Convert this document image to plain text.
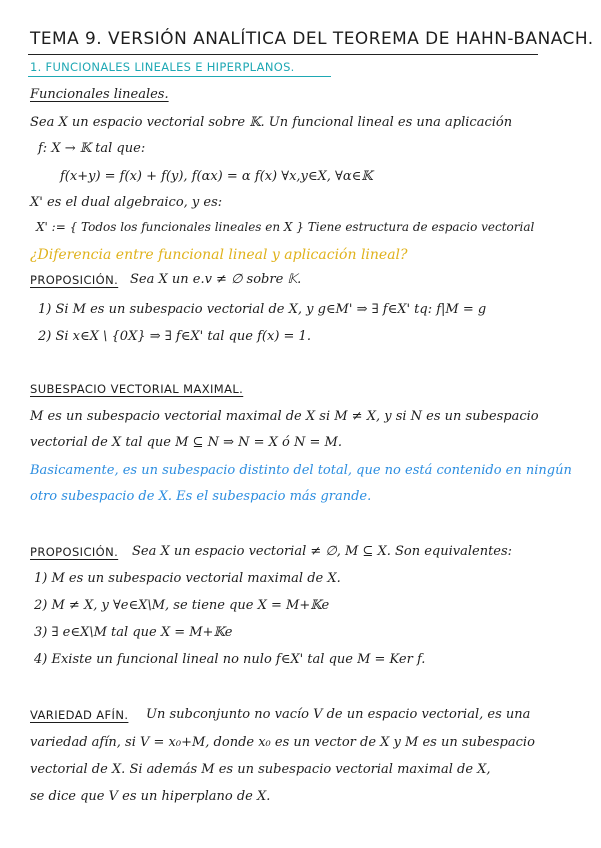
TEMA 9. VERSIÓN ANALÍTICA DEL TEOREMA DE HAHN-BANACH.
1. FUNCIONALES LINEALES E HIPERPLANOS.
Funcionales lineales.
Sea X un espacio vectorial sobre 𝕂. Un funcional lineal es una aplicación
f: X → 𝕂 tal que:
f(x+y) = f(x) + f(y), f(αx) = α f(x) ∀x,y∈X, ∀α∈𝕂
X' es el dual algebraico, y es:
X' := { Todos los funcionales lineales en X } Tiene estructura de espacio vectorial
¿Diferencia entre funcional lineal y aplicación lineal?
PROPOSICIÓN. Sea X un e.v ≠ ∅ sobre 𝕂.
1) Si M es un subespacio vectorial de X, y g∈M' ⇒ ∃ f∈X' tq: f|M = g
2) Si x∈X \ {0X} ⇒ ∃ f∈X' tal que f(x) = 1.
SUBESPACIO VECTORIAL MAXIMAL.
M es un subespacio vectorial maximal de X si M ≠ X, y si N es un subespacio
vectorial de X tal que M ⊆ N ⇒ N = X ó N = M.
Basicamente, es un subespacio distinto del total, que no está contenido en ningún
otro subespacio de X. Es el subespacio más grande.
PROPOSICIÓN. Sea X un espacio vectorial ≠ ∅, M ⊆ X. Son equivalentes:
1) M es un subespacio vectorial maximal de X.
2) M ≠ X, y ∀e∈X\M, se tiene que X = M+𝕂e
3) ∃ e∈X\M tal que X = M+𝕂e
4) Existe un funcional lineal no nulo f∈X' tal que M = Ker f.
VARIEDAD AFÍN. Un subconjunto no vacío V de un espacio vectorial, es una
variedad afín, si V = x₀+M, donde x₀ es un vector de X y M es un subespacio
vectorial de X. Si además M es un subespacio vectorial maximal de X,
se dice que V es un hiperplano de X.
